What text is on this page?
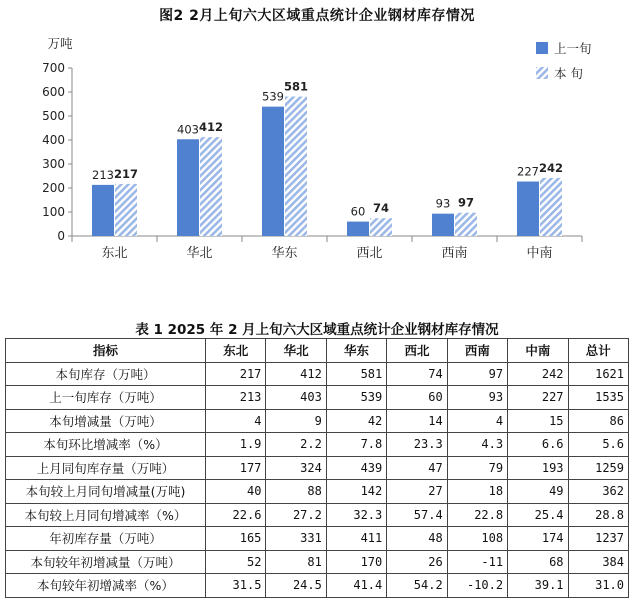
图2 2月上旬六大区域重点统计企业钢材库存情况
万吨
0
100
200
300
400
500
600
700
东北
213 217
华北
403 412
华东
539
581
西北
60 74
西南
93 97
中南
227 242
上一旬
本 旬
表 1 2025 年 2 月上旬六大区域重点统计企业钢材库存情况
指标	东北	华北	华东	西北	西南	中南	总计
本旬库存（万吨）	217	412	581	74	97	242	1621
上一旬库存（万吨）	213	403	539	60	93	227	1535
本旬增减量（万吨）	4	9	42	14	4	15	86
本旬环比增减率（%）	1.9	2.2	7.8	23.3	4.3	6.6	5.6
上月同旬库存量（万吨）	177	324	439	47	79	193	1259
本旬较上月同旬增减量(万吨)	40	88	142	27	18	49	362
本旬较上月同旬增减率（%）	22.6	27.2	32.3	57.4	22.8	25.4	28.8
年初库存量（万吨）	165	331	411	48	108	174	1237
本旬较年初增减量（万吨）	52	81	170	26	-11	68	384
本旬较年初增减率（%）	31.5	24.5	41.4	54.2	-10.2	39.1	31.0
